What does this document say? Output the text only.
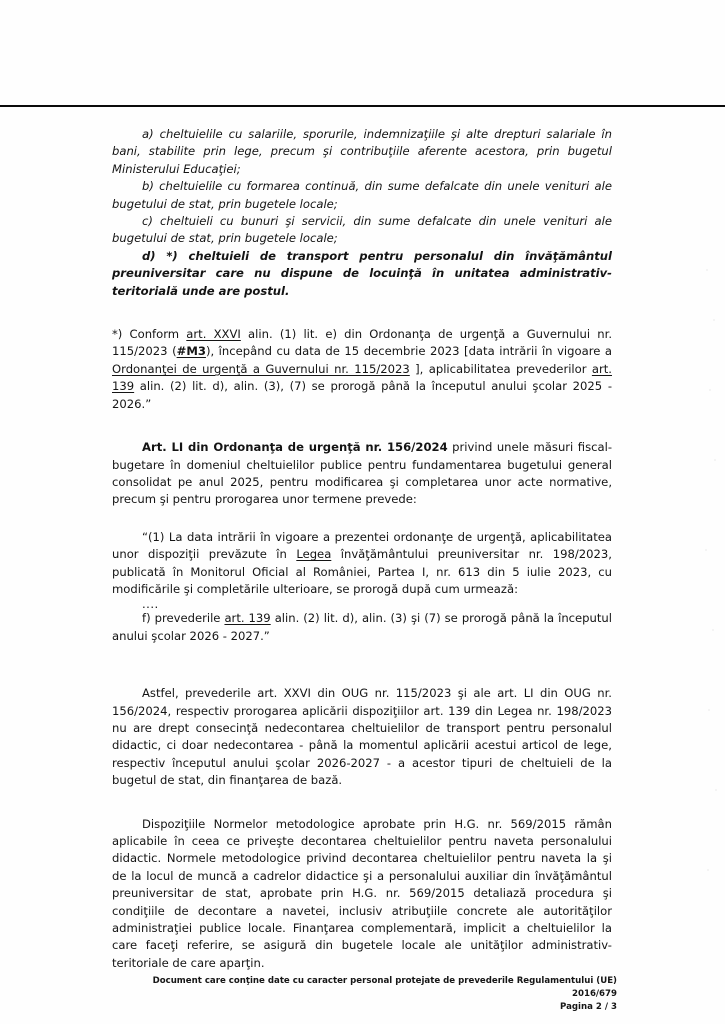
a) cheltuielile cu salariile, sporurile, indemnizaţiile şi alte drepturi salariale în bani, stabilite prin lege, precum şi contribuţiile aferente acestora, prin bugetul Ministerului Educaţiei;

b) cheltuielile cu formarea continuă, din sume defalcate din unele venituri ale bugetului de stat, prin bugetele locale;

c) cheltuieli cu bunuri şi servicii, din sume defalcate din unele venituri ale bugetului de stat, prin bugetele locale;

d) *) cheltuieli de transport pentru personalul din învăţământul preuniversitar care nu dispune de locuinţă în unitatea administrativ-teritorială unde are postul.

*) Conform art. XXVI alin. (1) lit. e) din Ordonanţa de urgenţă a Guvernului nr. 115/2023 (#M3), începând cu data de 15 decembrie 2023 [data intrării în vigoare a Ordonanţei de urgenţă a Guvernului nr. 115/2023 ], aplicabilitatea prevederilor art. 139 alin. (2) lit. d), alin. (3), (7) se prorogă până la începutul anului şcolar 2025 - 2026.”

Art. LI din Ordonanţa de urgenţă nr. 156/2024 privind unele măsuri fiscal-bugetare în domeniul cheltuielilor publice pentru fundamentarea bugetului general consolidat pe anul 2025, pentru modificarea şi completarea unor acte normative, precum şi pentru prorogarea unor termene prevede:

“(1) La data intrării în vigoare a prezentei ordonanţe de urgenţă, aplicabilitatea unor dispoziţii prevăzute în Legea învăţământului preuniversitar nr. 198/2023, publicată în Monitorul Oficial al României, Partea I, nr. 613 din 5 iulie 2023, cu modificările şi completările ulterioare, se prorogă după cum urmează:

....

f) prevederile art. 139 alin. (2) lit. d), alin. (3) şi (7) se prorogă până la începutul anului şcolar 2026 - 2027.”

Astfel, prevederile art. XXVI din OUG nr. 115/2023 şi ale art. LI din OUG nr. 156/2024, respectiv prorogarea aplicării dispoziţiilor art. 139 din Legea nr. 198/2023 nu are drept consecinţă nedecontarea cheltuielilor de transport pentru personalul didactic, ci doar nedecontarea - până la momentul aplicării acestui articol de lege, respectiv începutul anului şcolar 2026-2027 - a acestor tipuri de cheltuieli de la bugetul de stat, din finanţarea de bază.

Dispoziţiile Normelor metodologice aprobate prin H.G. nr. 569/2015 rămân aplicabile în ceea ce priveşte decontarea cheltuielilor pentru naveta personalului didactic. Normele metodologice privind decontarea cheltuielilor pentru naveta la şi de la locul de muncă a cadrelor didactice şi a personalului auxiliar din învăţământul preuniversitar de stat, aprobate prin H.G. nr. 569/2015 detaliază procedura şi condiţiile de decontare a navetei, inclusiv atribuţiile concrete ale autorităţilor administraţiei publice locale. Finanţarea complementară, implicit a cheltuielilor la care faceţi referire, se asigură din bugetele locale ale unităţilor administrativ-teritoriale de care aparţin.

Document care conţine date cu caracter personal protejate de prevederile Regulamentului (UE) 2016/679
Pagina 2 / 3
